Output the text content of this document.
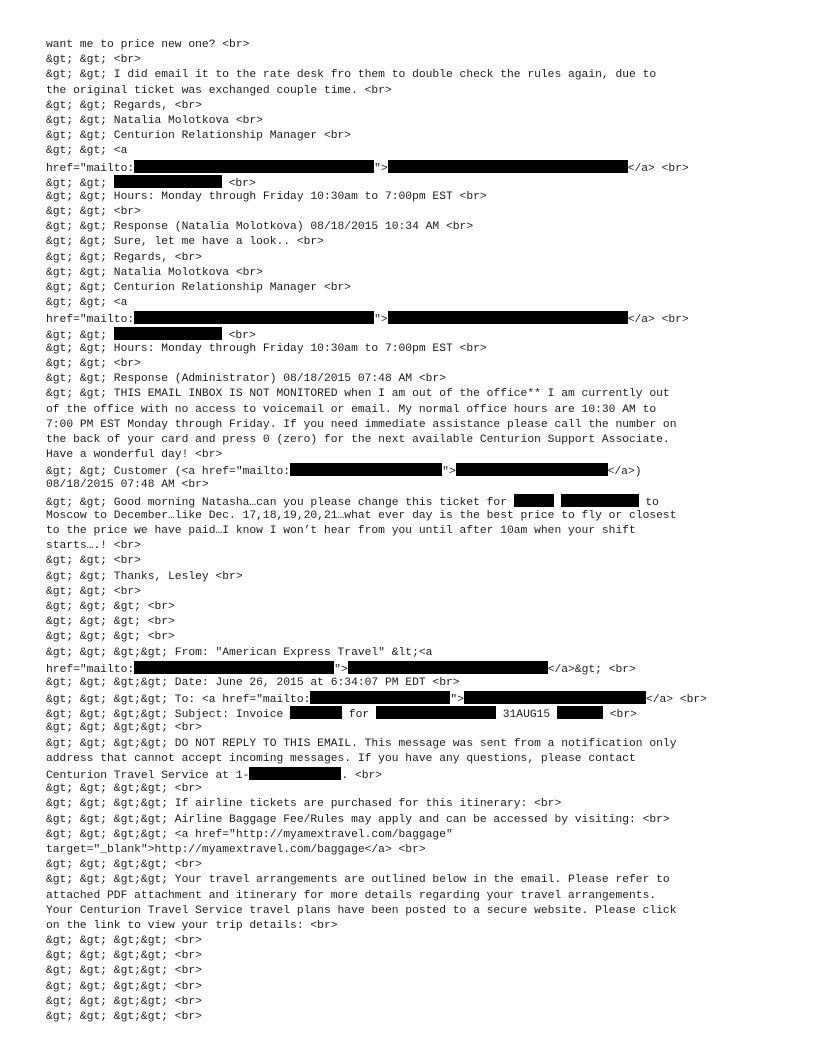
want me to price new one? <br>
&gt; &gt; <br>
&gt; &gt; I did email it to the rate desk fro them to double check the rules again, due to
the original ticket was exchanged couple time. <br>
&gt; &gt; Regards, <br>
&gt; &gt; Natalia Molotkova <br>
&gt; &gt; Centurion Relationship Manager <br>
&gt; &gt; <a
href="mailto:	">	</a> <br>
&gt; &gt;	<br>
&gt; &gt; Hours: Monday through Friday 10:30am to 7:00pm EST <br>
&gt; &gt; <br>
&gt; &gt; Response (Natalia Molotkova) 08/18/2015 10:34 AM <br>
&gt; &gt; Sure, let me have a look.. <br>
&gt; &gt; Regards, <br>
&gt; &gt; Natalia Molotkova <br>
&gt; &gt; Centurion Relationship Manager <br>
&gt; &gt; <a
href="mailto:	">	</a> <br>
&gt; &gt;	<br>
&gt; &gt; Hours: Monday through Friday 10:30am to 7:00pm EST <br>
&gt; &gt; <br>
&gt; &gt; Response (Administrator) 08/18/2015 07:48 AM <br>
&gt; &gt; THIS EMAIL INBOX IS NOT MONITORED when I am out of the office** I am currently out
of the office with no access to voicemail or email. My normal office hours are 10:30 AM to
7:00 PM EST Monday through Friday. If you need immediate assistance please call the number on
the back of your card and press 0 (zero) for the next available Centurion Support Associate.
Have a wonderful day! <br>
&gt; &gt; Customer (<a href="mailto:	">	</a>)
08/18/2015 07:48 AM <br>
&gt; &gt; Good morning Natasha…can you please change this ticket for	to
Moscow to December…like Dec. 17,18,19,20,21…what ever day is the best price to fly or closest
to the price we have paid…I know I won’t hear from you until after 10am when your shift
starts….! <br>
&gt; &gt; <br>
&gt; &gt; Thanks, Lesley <br>
&gt; &gt; <br>
&gt; &gt; &gt; <br>
&gt; &gt; &gt; <br>
&gt; &gt; &gt; <br>
&gt; &gt; &gt;&gt; From: "American Express Travel" &lt;<a
href="mailto:	">	</a>&gt; <br>
&gt; &gt; &gt;&gt; Date: June 26, 2015 at 6:34:07 PM EDT <br>
&gt; &gt; &gt;&gt; To: <a href="mailto:	">	</a> <br>
&gt; &gt; &gt;&gt; Subject: Invoice	for	31AUG15	<br>
&gt; &gt; &gt;&gt; <br>
&gt; &gt; &gt;&gt; DO NOT REPLY TO THIS EMAIL. This message was sent from a notification only
address that cannot accept incoming messages. If you have any questions, please contact
Centurion Travel Service at 1-	. <br>
&gt; &gt; &gt;&gt; <br>
&gt; &gt; &gt;&gt; If airline tickets are purchased for this itinerary: <br>
&gt; &gt; &gt;&gt; Airline Baggage Fee/Rules may apply and can be accessed by visiting: <br>
&gt; &gt; &gt;&gt; <a href="http://myamextravel.com/baggage"
target="_blank">http://myamextravel.com/baggage</a> <br>
&gt; &gt; &gt;&gt; <br>
&gt; &gt; &gt;&gt; Your travel arrangements are outlined below in the email. Please refer to
attached PDF attachment and itinerary for more details regarding your travel arrangements.
Your Centurion Travel Service travel plans have been posted to a secure website. Please click
on the link to view your trip details: <br>
&gt; &gt; &gt;&gt; <br>
&gt; &gt; &gt;&gt; <br>
&gt; &gt; &gt;&gt; <br>
&gt; &gt; &gt;&gt; <br>
&gt; &gt; &gt;&gt; <br>
&gt; &gt; &gt;&gt; <br>
